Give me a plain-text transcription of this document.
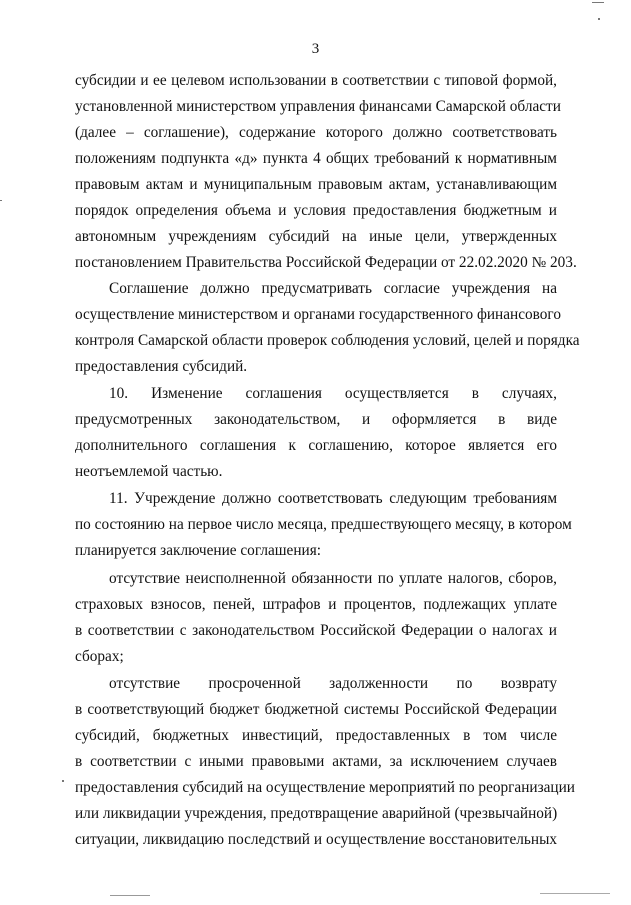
3
субсидии и ее целевом использовании в соответствии с типовой формой,
установленной министерством управления финансами Самарской области
(далее – соглашение), содержание которого должно соответствовать
положениям подпункта «д» пункта 4 общих требований к нормативным
правовым актам и муниципальным правовым актам, устанавливающим
порядок определения объема и условия предоставления бюджетным и
автономным учреждениям субсидий на иные цели, утвержденных
постановлением Правительства Российской Федерации от 22.02.2020 № 203.
Соглашение должно предусматривать согласие учреждения на
осуществление министерством и органами государственного финансового
контроля Самарской области проверок соблюдения условий, целей и порядка
предоставления субсидий.
10. Изменение соглашения осуществляется в случаях,
предусмотренных законодательством, и оформляется в виде
дополнительного соглашения к соглашению, которое является его
неотъемлемой частью.
11. Учреждение должно соответствовать следующим требованиям
по состоянию на первое число месяца, предшествующего месяцу, в котором
планируется заключение соглашения:
отсутствие неисполненной обязанности по уплате налогов, сборов,
страховых взносов, пеней, штрафов и процентов, подлежащих уплате
в соответствии с законодательством Российской Федерации о налогах и
сборах;
отсутствие просроченной задолженности по возврату
в соответствующий бюджет бюджетной системы Российской Федерации
субсидий, бюджетных инвестиций, предоставленных в том числе
в соответствии с иными правовыми актами, за исключением случаев
предоставления субсидий на осуществление мероприятий по реорганизации
или ликвидации учреждения, предотвращение аварийной (чрезвычайной)
ситуации, ликвидацию последствий и осуществление восстановительных
